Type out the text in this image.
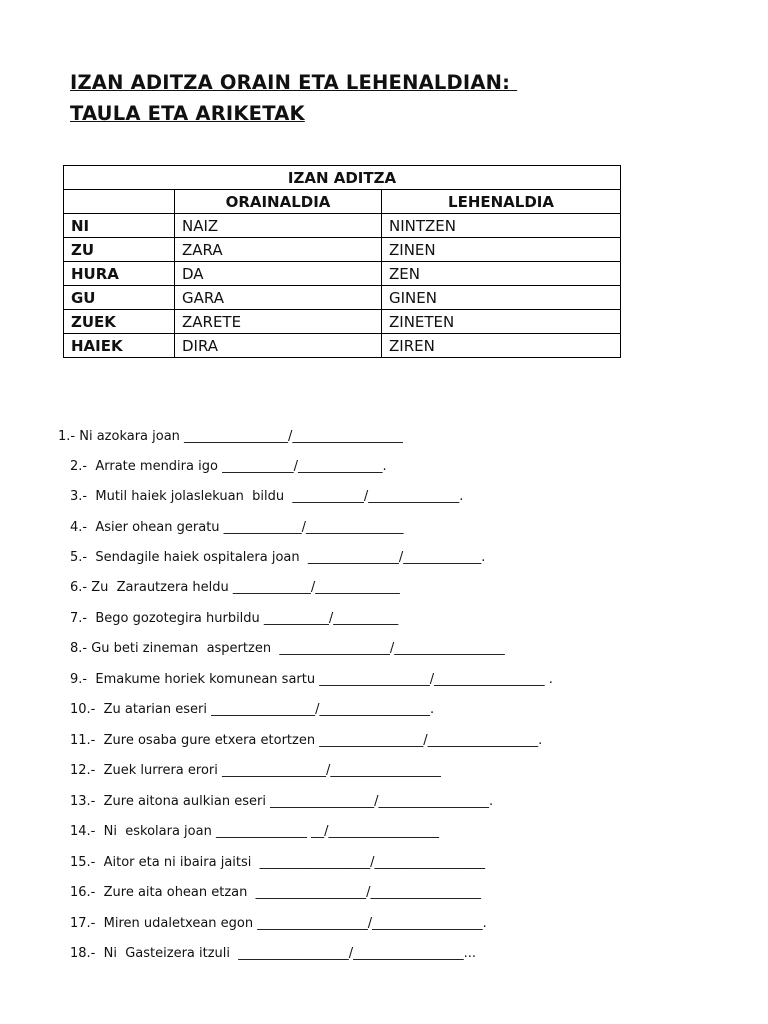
IZAN ADITZA ORAIN ETA LEHENALDIAN:

TAULA ETA ARIKETAK

IZAN ADITZA		
	ORAINALDIA	LEHENALDIA
NI	NAIZ	NINTZEN
ZU	ZARA	ZINEN
HURA	DA	ZEN
GU	GARA	GINEN
ZUEK	ZARETE	ZINETEN
HAIEK	DIRA	ZIREN
1.- Ni azokara joan ________________/_________________
2.-  Arrate mendira igo ___________/_____________.
3.-  Mutil haiek jolaslekuan  bildu  ___________/______________.
4.-  Asier ohean geratu ____________/_______________
5.-  Sendagile haiek ospitalera joan  ______________/____________.
6.- Zu  Zarautzera heldu ____________/_____________
7.-  Bego gozotegira hurbildu __________/__________
8.- Gu beti zineman  aspertzen  _________________/_________________
9.-  Emakume horiek komunean sartu _________________/_________________ .
10.-  Zu atarian eseri ________________/_________________.
11.-  Zure osaba gure etxera etortzen ________________/_________________.
12.-  Zuek lurrera erori ________________/_________________
13.-  Zure aitona aulkian eseri ________________/_________________.
14.-  Ni  eskolara joan ______________ __/_________________
15.-  Aitor eta ni ibaira jaitsi  _________________/_________________
16.-  Zure aita ohean etzan  _________________/_________________
17.-  Miren udaletxean egon _________________/_________________.
18.-  Ni  Gasteizera itzuli  _________________/_________________...
